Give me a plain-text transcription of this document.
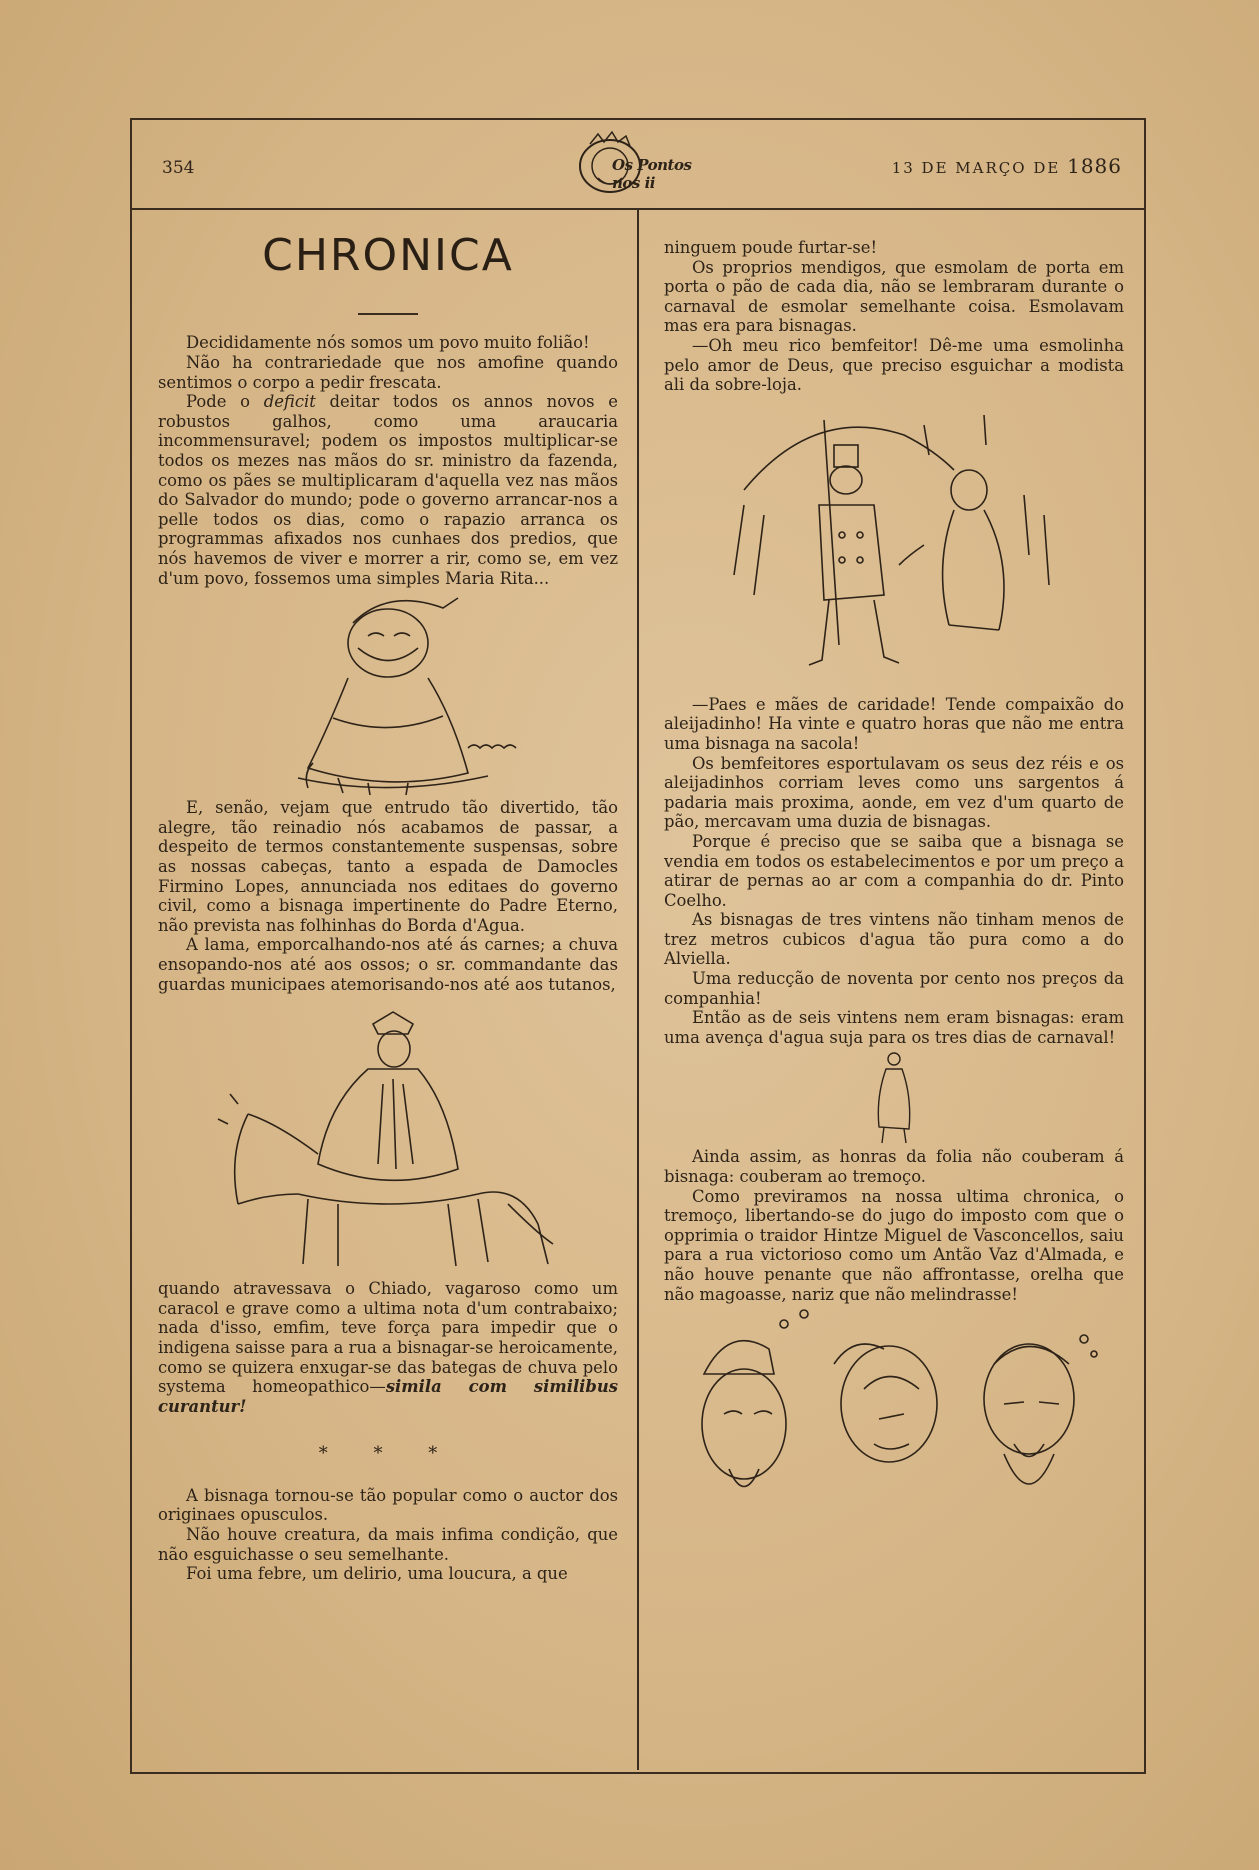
354	Os Pontos nos ii
13 DE MARÇO DE 1886
CHRONICA

Decididamente nós somos um povo muito folião!

Não ha contrariedade que nos amofine quando sentimos o corpo a pedir frescata.

Pode o deficit deitar todos os annos novos e robustos galhos, como uma araucaria incommensuravel; podem os impostos multiplicar-se todos os mezes nas mãos do sr. ministro da fazenda, como os pães se multiplicaram d'aquella vez nas mãos do Salvador do mundo; pode o governo arrancar-nos a pelle todos os dias, como o rapazio arranca os programmas afixados nos cunhaes dos predios, que nós havemos de viver e morrer a rir, como se, em vez d'um povo, fossemos uma simples Maria Rita...

E, senão, vejam que entrudo tão divertido, tão alegre, tão reinadio nós acabamos de passar, a despeito de termos constantemente suspensas, sobre as nossas cabeças, tanto a espada de Damocles Firmino Lopes, annunciada nos editaes do governo civil, como a bisnaga impertinente do Padre Eterno, não prevista nas folhinhas do Borda d'Agua.

A lama, emporcalhando-nos até ás carnes; a chuva ensopando-nos até aos ossos; o sr. commandante das guardas municipaes atemorisando-nos até aos tutanos,

quando atravessava o Chiado, vagaroso como um caracol e grave como a ultima nota d'um contrabaixo; nada d'isso, emfim, teve força para impedir que o indigena saisse para a rua a bisnagar-se heroicamente, como se quizera enxugar-se das bategas de chuva pelo systema homeopathico—simila com similibus curantur!

* * *

A bisnaga tornou-se tão popular como o auctor dos originaes opusculos.

Não houve creatura, da mais infima condição, que não esguichasse o seu semelhante.

Foi uma febre, um delirio, uma loucura, a que

ninguem poude furtar-se!

Os proprios mendigos, que esmolam de porta em porta o pão de cada dia, não se lembraram durante o carnaval de esmolar semelhante coisa. Esmolavam mas era para bisnagas.

—Oh meu rico bemfeitor! Dê-me uma esmolinha pelo amor de Deus, que preciso esguichar a modista ali da sobre-loja.

—Paes e mães de caridade! Tende compaixão do aleijadinho! Ha vinte e quatro horas que não me entra uma bisnaga na sacola!

Os bemfeitores esportulavam os seus dez réis e os aleijadinhos corriam leves como uns sargentos á padaria mais proxima, aonde, em vez d'um quarto de pão, mercavam uma duzia de bisnagas.

Porque é preciso que se saiba que a bisnaga se vendia em todos os estabelecimentos e por um preço a atirar de pernas ao ar com a companhia do dr. Pinto Coelho.

As bisnagas de tres vintens não tinham menos de trez metros cubicos d'agua tão pura como a do Alviella.

Uma reducção de noventa por cento nos preços da companhia!

Então as de seis vintens nem eram bisnagas: eram uma avença d'agua suja para os tres dias de carnaval!

Ainda assim, as honras da folia não couberam á bisnaga: couberam ao tremoço.

Como previramos na nossa ultima chronica, o tremoço, libertando-se do jugo do imposto com que o opprimia o traidor Hintze Miguel de Vasconcellos, saiu para a rua victorioso como um Antão Vaz d'Almada, e não houve penante que não affrontasse, orelha que não magoasse, nariz que não melindrasse!
